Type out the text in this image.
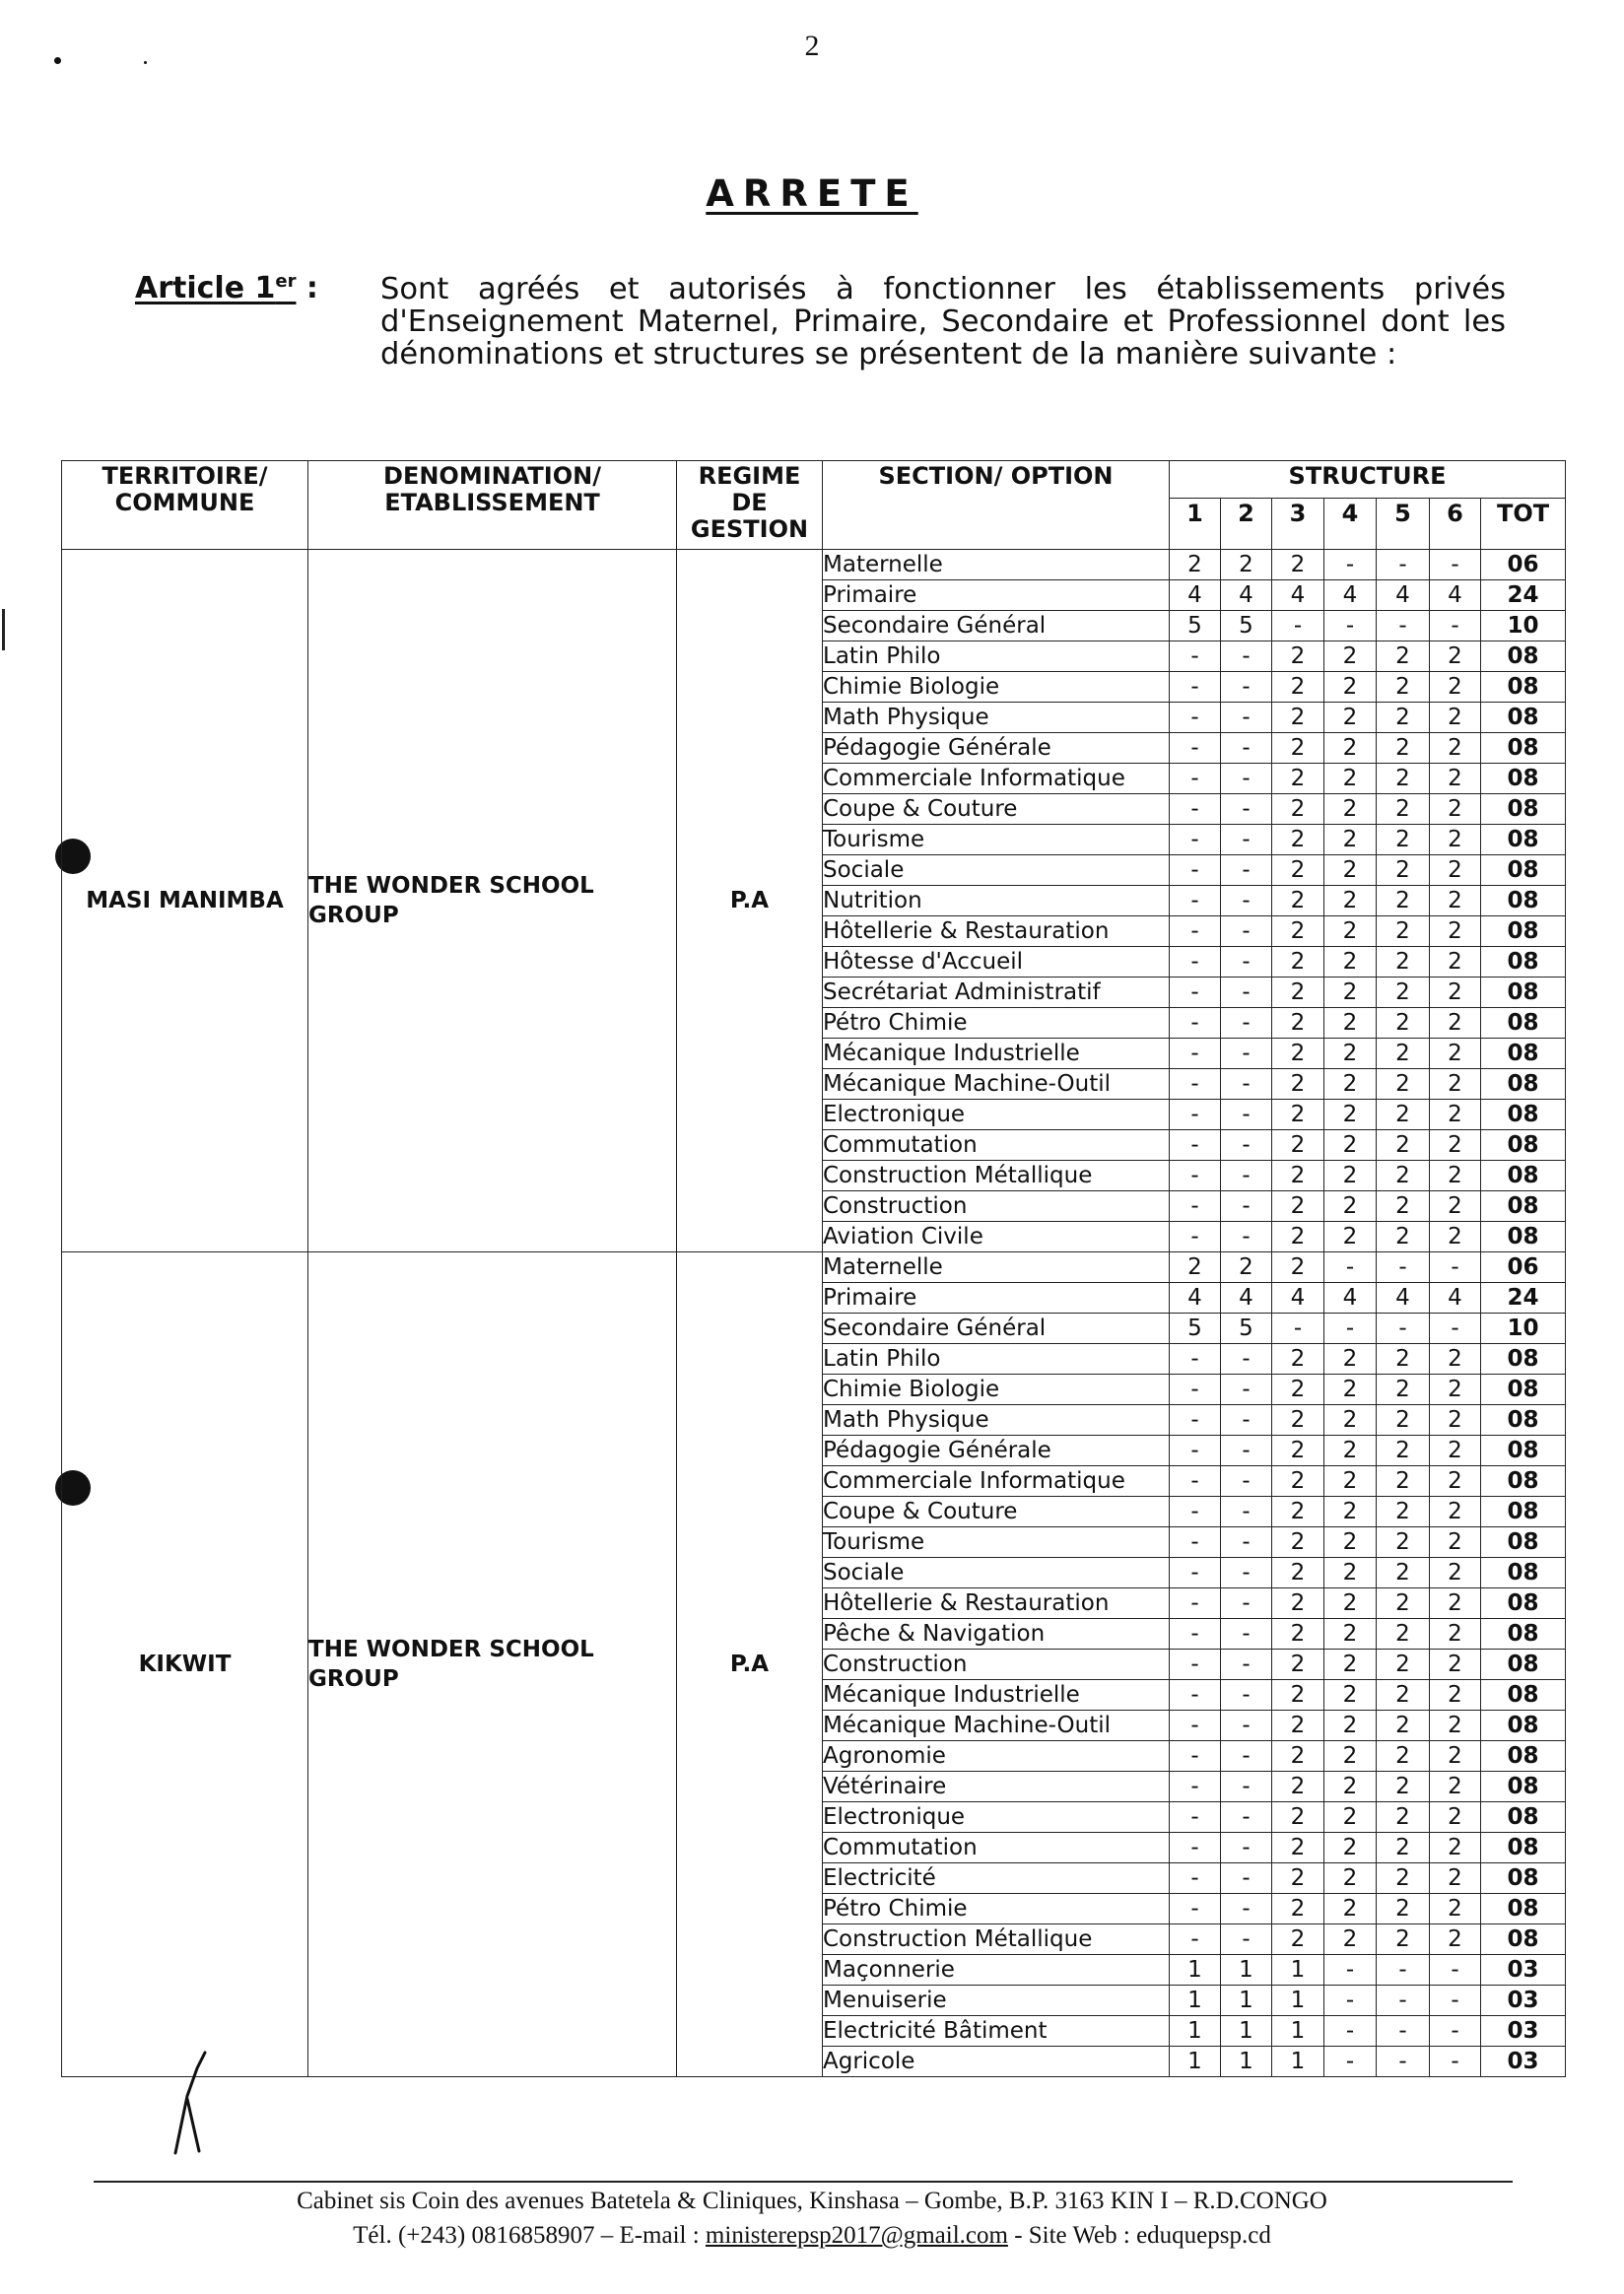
2
ARRETE
Article 1er : Sont agréés et autorisés à fonctionner les établissements privés d'Enseignement Maternel, Primaire, Secondaire et Professionnel dont les dénominations et structures se présentent de la manière suivante :
TERRITOIRE/ COMMUNE	DENOMINATION/ ETABLISSEMENT	REGIME DE GESTION	SECTION/ OPTION	STRUCTURE						
				1	2	3	4	5	6	TOT
MASI MANIMBA	THE WONDER SCHOOL GROUP	P.A	Maternelle	2	2	2	-	-	-	06
			Primaire	4	4	4	4	4	4	24
			Secondaire Général	5	5	-	-	-	-	10
			Latin Philo	-	-	2	2	2	2	08
			Chimie Biologie	-	-	2	2	2	2	08
			Math Physique	-	-	2	2	2	2	08
			Pédagogie Générale	-	-	2	2	2	2	08
			Commerciale Informatique	-	-	2	2	2	2	08
			Coupe & Couture	-	-	2	2	2	2	08
			Tourisme	-	-	2	2	2	2	08
			Sociale	-	-	2	2	2	2	08
			Nutrition	-	-	2	2	2	2	08
			Hôtellerie & Restauration	-	-	2	2	2	2	08
			Hôtesse d'Accueil	-	-	2	2	2	2	08
			Secrétariat Administratif	-	-	2	2	2	2	08
			Pétro Chimie	-	-	2	2	2	2	08
			Mécanique Industrielle	-	-	2	2	2	2	08
			Mécanique Machine-Outil	-	-	2	2	2	2	08
			Electronique	-	-	2	2	2	2	08
			Commutation	-	-	2	2	2	2	08
			Construction Métallique	-	-	2	2	2	2	08
			Construction	-	-	2	2	2	2	08
			Aviation Civile	-	-	2	2	2	2	08
KIKWIT	THE WONDER SCHOOL GROUP	P.A	Maternelle	2	2	2	-	-	-	06
			Primaire	4	4	4	4	4	4	24
			Secondaire Général	5	5	-	-	-	-	10
			Latin Philo	-	-	2	2	2	2	08
			Chimie Biologie	-	-	2	2	2	2	08
			Math Physique	-	-	2	2	2	2	08
			Pédagogie Générale	-	-	2	2	2	2	08
			Commerciale Informatique	-	-	2	2	2	2	08
			Coupe & Couture	-	-	2	2	2	2	08
			Tourisme	-	-	2	2	2	2	08
			Sociale	-	-	2	2	2	2	08
			Hôtellerie & Restauration	-	-	2	2	2	2	08
			Pêche & Navigation	-	-	2	2	2	2	08
			Construction	-	-	2	2	2	2	08
			Mécanique Industrielle	-	-	2	2	2	2	08
			Mécanique Machine-Outil	-	-	2	2	2	2	08
			Agronomie	-	-	2	2	2	2	08
			Vétérinaire	-	-	2	2	2	2	08
			Electronique	-	-	2	2	2	2	08
			Commutation	-	-	2	2	2	2	08
			Electricité	-	-	2	2	2	2	08
			Pétro Chimie	-	-	2	2	2	2	08
			Construction Métallique	-	-	2	2	2	2	08
			Maçonnerie	1	1	1	-	-	-	03
			Menuiserie	1	1	1	-	-	-	03
			Electricité Bâtiment	1	1	1	-	-	-	03
			Agricole	1	1	1	-	-	-	03
Cabinet sis Coin des avenues Batetela & Cliniques, Kinshasa – Gombe, B.P. 3163 KIN I – R.D.CONGO
Tél. (+243) 0816858907 – E-mail : ministerepsp2017@gmail.com - Site Web : eduquepsp.cd
